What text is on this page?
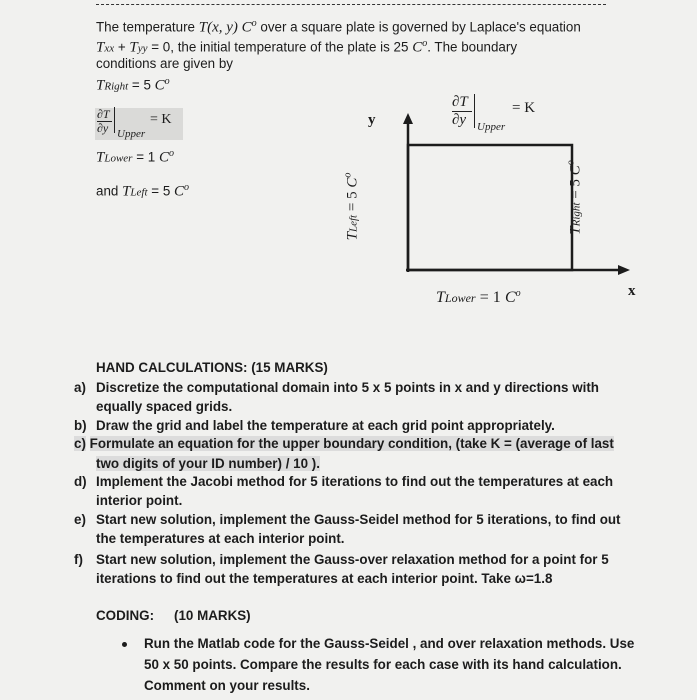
The temperature T(x, y) $C^o$ over a square plate is governed by Laplace's equation
Txx + Tyy = 0, the initial temperature of the plate is 25 $C^o$. The boundary
conditions are given by
TRight = 5 $C^o$
∂T
∂y Upper
= K
TLower = 1 $C^o$
and TLeft = 5 $C^o$
y
x
∂T
∂y Upper
= K
TLeft = 5 $C^o$
TRight = 5 $C^o$
TLower = 1 $C^o$
HAND CALCULATIONS: (15 MARKS)
a) Discretize the computational domain into 5 x 5 points in x and y directions with
equally spaced grids.
b) Draw the grid and label the temperature at each grid point appropriately.
c) Formulate an equation for the upper boundary condition, (take K = (average of last
two digits of your ID number) / 10 ).
d) Implement the Jacobi method for 5 iterations to find out the temperatures at each
interior point.
e) Start new solution, implement the Gauss-Seidel method for 5 iterations, to find out
the temperatures at each interior point.
f) Start new solution, implement the Gauss-over relaxation method for a point for 5
iterations to find out the temperatures at each interior point. Take ω=1.8
CODING: (10 MARKS)
Run the Matlab code for the Gauss-Seidel , and over relaxation methods. Use
50 x 50 points. Compare the results for each case with its hand calculation.
Comment on your results.
